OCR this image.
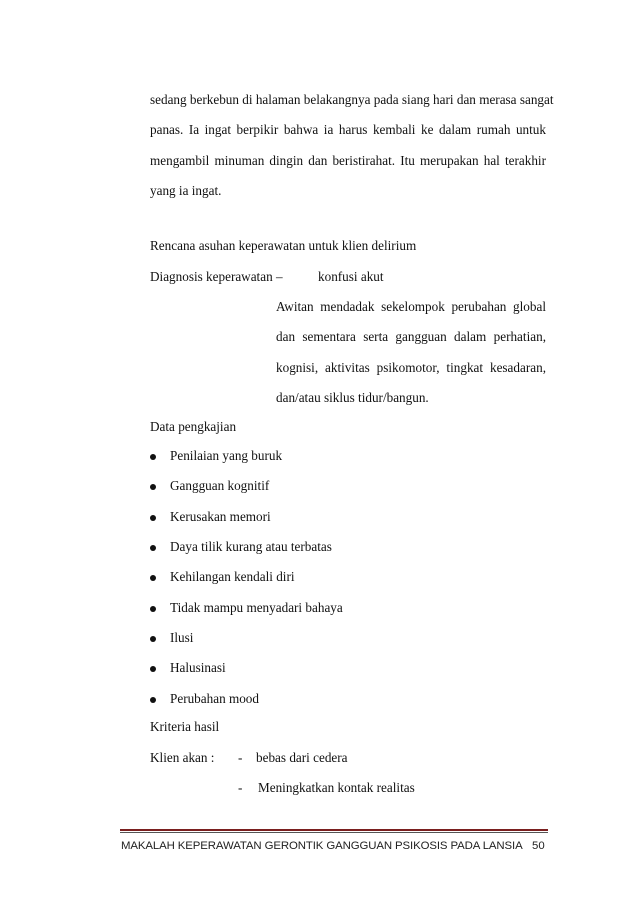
sedang berkebun di halaman belakangnya pada siang hari dan merasa sangat
panas. Ia ingat berpikir bahwa ia harus kembali ke dalam rumah untuk
mengambil minuman dingin dan beristirahat. Itu merupakan hal terakhir
yang ia ingat.
Rencana asuhan keperawatan untuk klien delirium
Diagnosis keperawatan –	konfusi akut
Awitan mendadak sekelompok perubahan global
dan sementara serta gangguan dalam perhatian,
kognisi, aktivitas psikomotor, tingkat kesadaran,
dan/atau siklus tidur/bangun.
Data pengkajian
Penilaian yang buruk
Gangguan kognitif
Kerusakan memori
Daya tilik kurang atau terbatas
Kehilangan kendali diri
Tidak mampu menyadari bahaya
Ilusi
Halusinasi
Perubahan mood
Kriteria hasil
Klien akan : - bebas dari cedera
- Meningkatkan kontak realitas
MAKALAH KEPERAWATAN GERONTIK GANGGUAN PSIKOSIS PADA LANSIA 50
